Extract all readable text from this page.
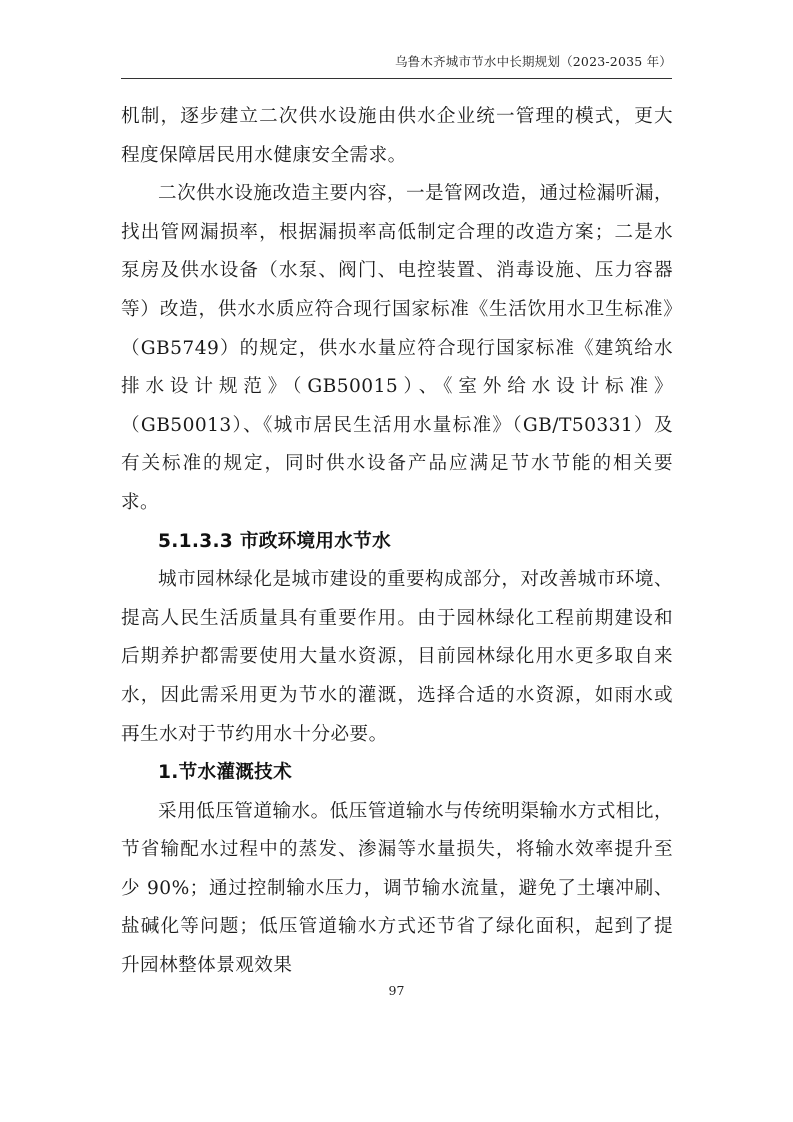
乌鲁木齐城市节水中长期规划（2023-2035 年）

机制，逐步建立二次供水设施由供水企业统一管理的模式，更大程度保障居民用水健康安全需求。

二次供水设施改造主要内容，一是管网改造，通过检漏听漏，找出管网漏损率，根据漏损率高低制定合理的改造方案；二是水泵房及供水设备（水泵、阀门、电控装置、消毒设施、压力容器等）改造，供水水质应符合现行国家标准《生活饮用水卫生标准》（GB5749）的规定，供水水量应符合现行国家标准《建筑给水排水设计规范》（GB50015）、《室外给水设计标准》（GB50013）、《城市居民生活用水量标准》（GB/T50331）及有关标准的规定，同时供水设备产品应满足节水节能的相关要求。

5.1.3.3 市政环境用水节水

城市园林绿化是城市建设的重要构成部分，对改善城市环境、提高人民生活质量具有重要作用。由于园林绿化工程前期建设和后期养护都需要使用大量水资源，目前园林绿化用水更多取自来水，因此需采用更为节水的灌溉，选择合适的水资源，如雨水或再生水对于节约用水十分必要。

1.节水灌溉技术

采用低压管道输水。低压管道输水与传统明渠输水方式相比，节省输配水过程中的蒸发、渗漏等水量损失，将输水效率提升至少 90%；通过控制输水压力，调节输水流量，避免了土壤冲刷、盐碱化等问题；低压管道输水方式还节省了绿化面积，起到了提升园林整体景观效果

97
